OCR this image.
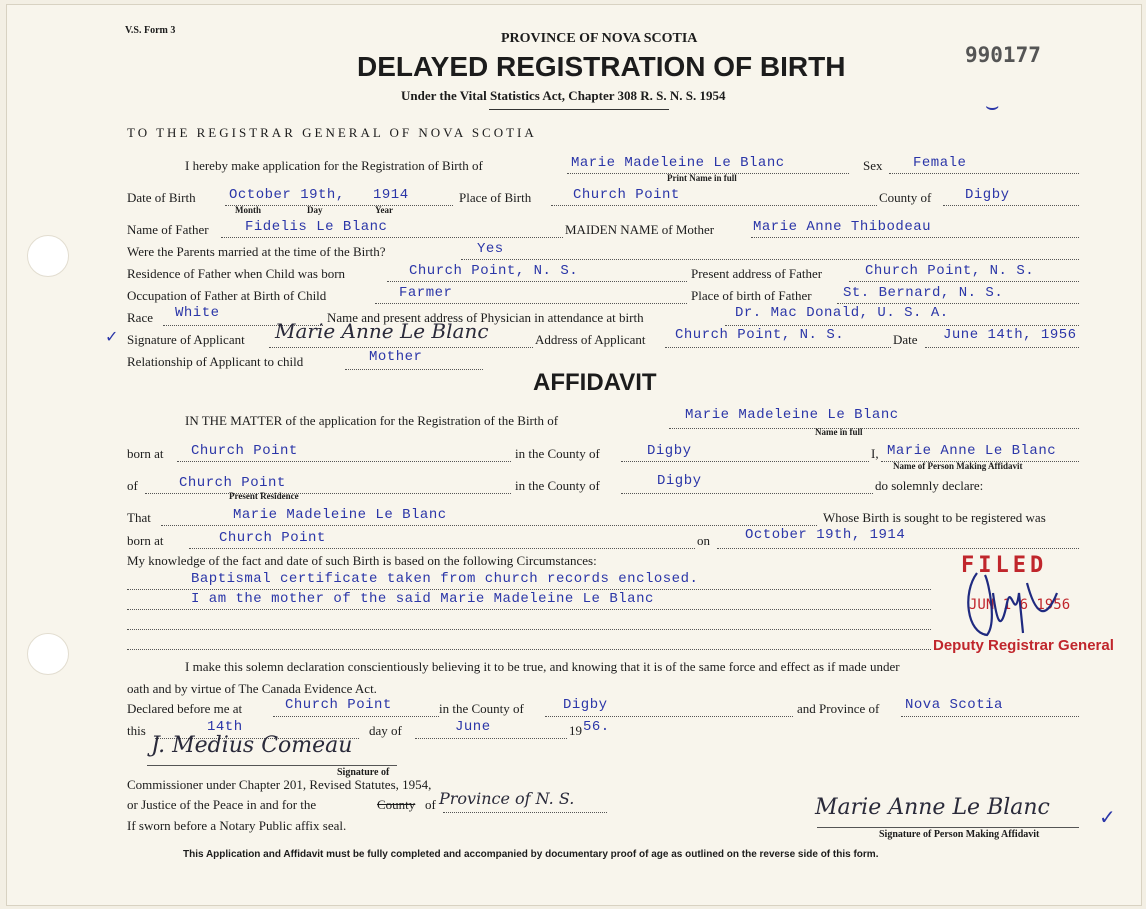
V.S. Form 3
990177
PROVINCE OF NOVA SCOTIA
DELAYED REGISTRATION OF BIRTH
Under the Vital Statistics Act, Chapter 308 R. S. N. S. 1954
TO THE REGISTRAR GENERAL OF NOVA SCOTIA
⌣
I hereby make application for the Registration of Birth of	Marie Madeleine Le Blanc
Print Name in full
Sex Female
Date of Birth October 19th, 1914
Month	Day	Year
Place of Birth	Church Point	County of Digby
Name of Father	Fidelis Le Blanc	MAIDEN NAME of Mother	Marie Anne Thibodeau
Were the Parents married at the time of the Birth?	Yes
Residence of Father when Child was born	Church Point, N. S.	Present address of Father	Church Point, N. S.
Occupation of Father at Birth of Child	Farmer	Place of birth of Father St. Bernard, N. S.
Race White	Name and present address of Physician in attendance at birth	Dr. Mac Donald, U. S. A.
✓ Signature of Applicant Marie Anne Le Blanc	Address of Applicant Church Point, N. S.	Date June 14th, 1956
Relationship of Applicant to child	Mother
AFFIDAVIT
IN THE MATTER of the application for the Registration of the Birth of	Marie Madeleine Le Blanc
Name in full
born at Church Point	in the County of	Digby	I, Marie Anne Le Blanc
Name of Person Making Affidavit
of	Church Point
Present Residence
in the County of	Digby	do solemnly declare:
That	Marie Madeleine Le Blanc	Whose Birth is sought to be registered was
born at	Church Point	on	October 19th, 1914
My knowledge of the fact and date of such Birth is based on the following Circumstances:
Baptismal certificate taken from church records enclosed.
I am the mother of the said Marie Madeleine Le Blanc
FILED
JUN 1 6 1956
Deputy Registrar General
I make this solemn declaration conscientiously believing it to be true, and knowing that it is of the same force and effect as if made under
oath and by virtue of The Canada Evidence Act.
Declared before me at	Church Point	in the County of	Digby	and Province of Nova Scotia
this	14th	day of	June	19 56.
J. Medius Comeau
Signature of
Commissioner under Chapter 201, Revised Statutes, 1954,
or Justice of the Peace in and for the	County of Province of N. S.
If sworn before a Notary Public affix seal.
Marie Anne Le Blanc
Signature of Person Making Affidavit
✓
This Application and Affidavit must be fully completed and accompanied by documentary proof of age as outlined on the reverse side of this form.
